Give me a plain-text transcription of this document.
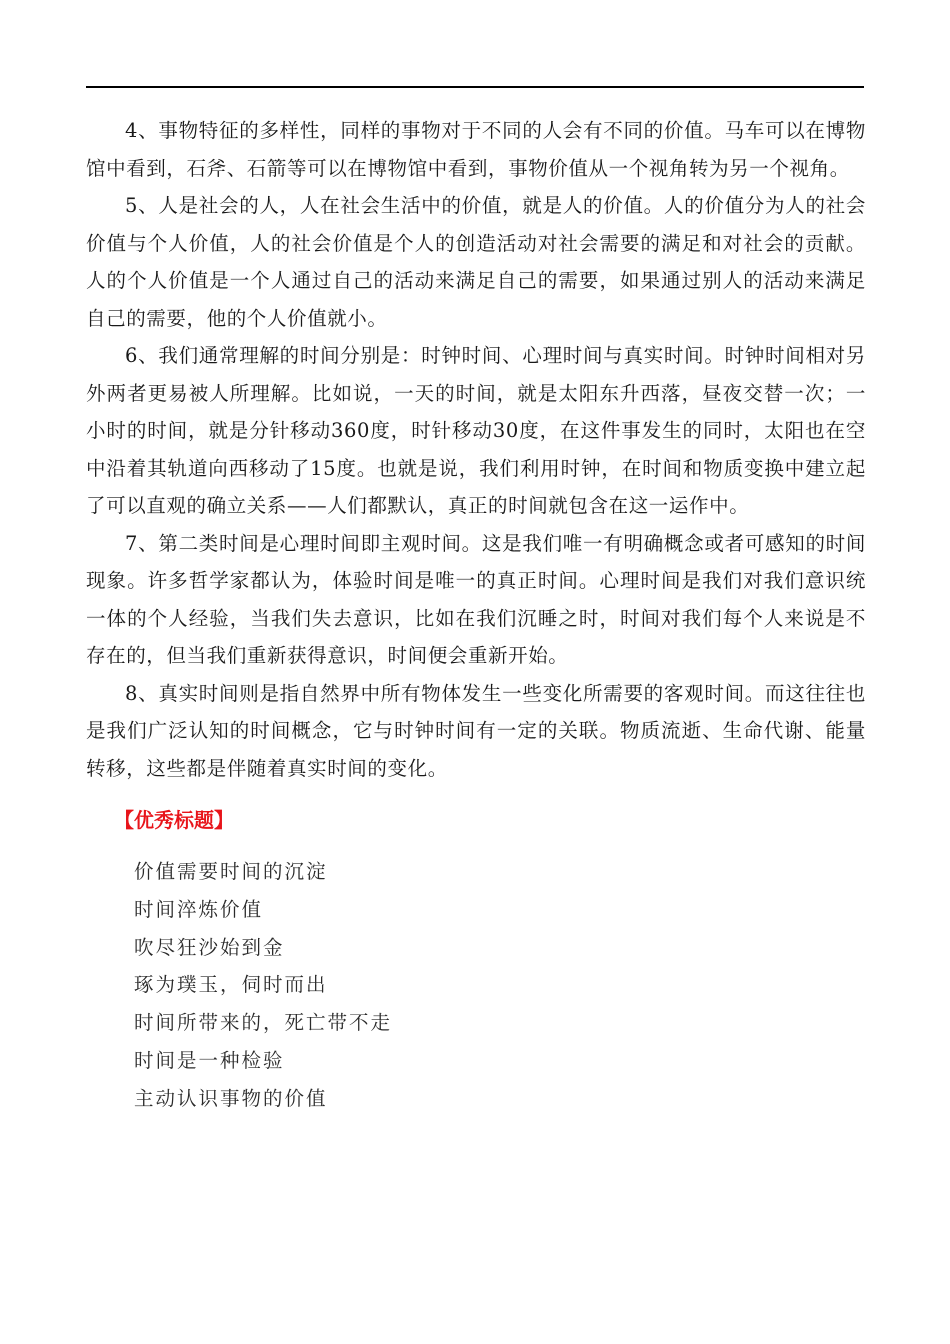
4、事物特征的多样性，同样的事物对于不同的人会有不同的价值。马车可以在博物馆中看到，石斧、石箭等可以在博物馆中看到，事物价值从一个视角转为另一个视角。

5、人是社会的人，人在社会生活中的价值，就是人的价值。人的价值分为人的社会价值与个人价值，人的社会价值是个人的创造活动对社会需要的满足和对社会的贡献。人的个人价值是一个人通过自己的活动来满足自己的需要，如果通过别人的活动来满足自己的需要，他的个人价值就小。

6、我们通常理解的时间分别是：时钟时间、心理时间与真实时间。时钟时间相对另外两者更易被人所理解。比如说，一天的时间，就是太阳东升西落，昼夜交替一次；一小时的时间，就是分针移动360度，时针移动30度，在这件事发生的同时，太阳也在空中沿着其轨道向西移动了15度。也就是说，我们利用时钟，在时间和物质变换中建立起了可以直观的确立关系——人们都默认，真正的时间就包含在这一运作中。

7、第二类时间是心理时间即主观时间。这是我们唯一有明确概念或者可感知的时间现象。许多哲学家都认为，体验时间是唯一的真正时间。心理时间是我们对我们意识统一体的个人经验，当我们失去意识，比如在我们沉睡之时，时间对我们每个人来说是不存在的，但当我们重新获得意识，时间便会重新开始。

8、真实时间则是指自然界中所有物体发生一些变化所需要的客观时间。而这往往也是我们广泛认知的时间概念，它与时钟时间有一定的关联。物质流逝、生命代谢、能量转移，这些都是伴随着真实时间的变化。

【优秀标题】
价值需要时间的沉淀
时间淬炼价值
吹尽狂沙始到金
琢为璞玉，伺时而出
时间所带来的，死亡带不走
时间是一种检验
主动认识事物的价值
